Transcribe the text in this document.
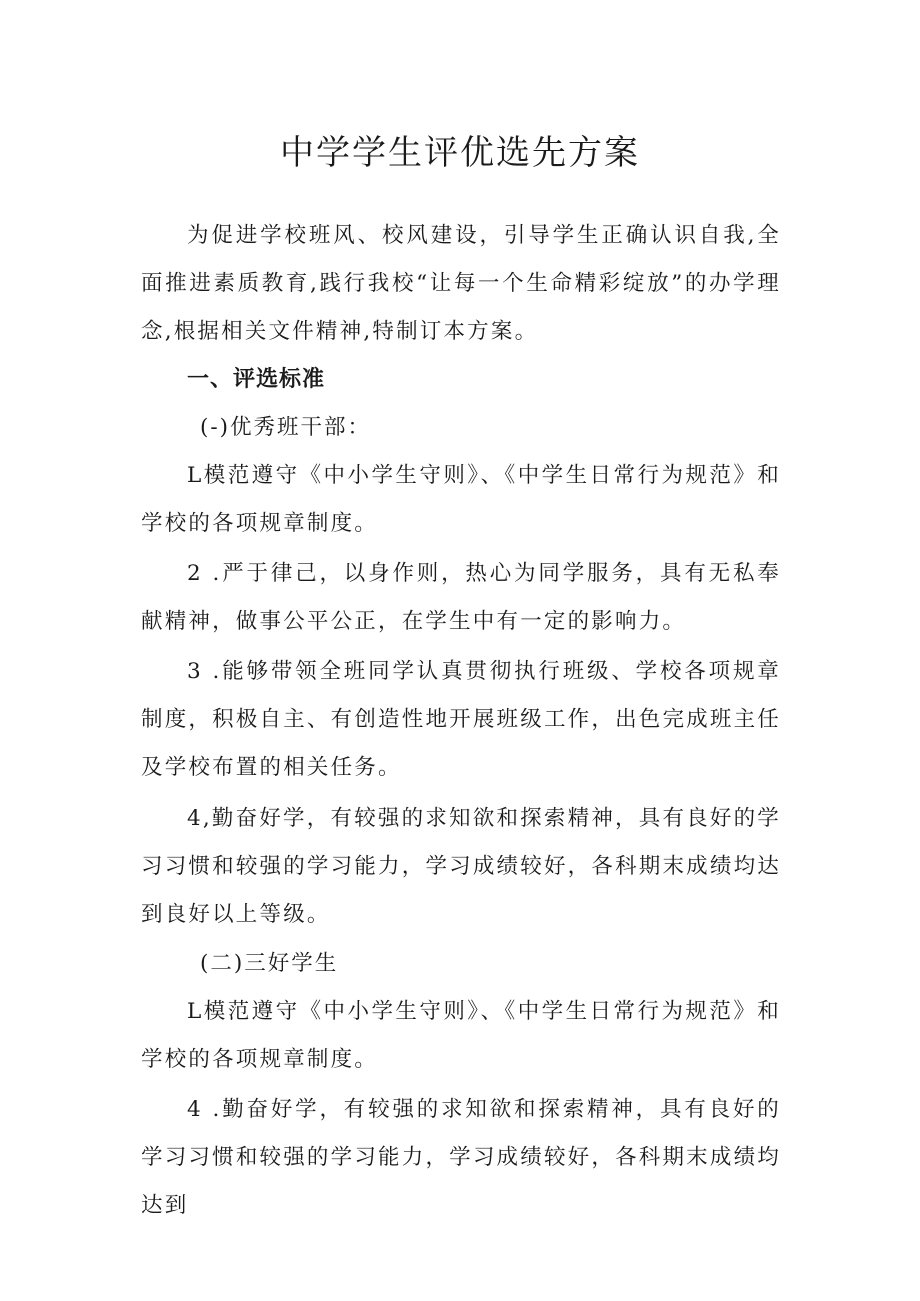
中学学生评优选先方案

为促进学校班风、校风建设，引导学生正确认识自我,全面推进素质教育,践行我校“让每一个生命精彩绽放”的办学理念,根据相关文件精神,特制订本方案。

一、评选标准

(-)优秀班干部：

L模范遵守《中小学生守则》、《中学生日常行为规范》和学校的各项规章制度。

2 .严于律己，以身作则，热心为同学服务，具有无私奉献精神，做事公平公正，在学生中有一定的影响力。

3 .能够带领全班同学认真贯彻执行班级、学校各项规章制度，积极自主、有创造性地开展班级工作，出色完成班主任及学校布置的相关任务。

4,勤奋好学，有较强的求知欲和探索精神，具有良好的学习习惯和较强的学习能力，学习成绩较好，各科期末成绩均达到良好以上等级。

(二)三好学生

L模范遵守《中小学生守则》、《中学生日常行为规范》和学校的各项规章制度。

4 .勤奋好学，有较强的求知欲和探索精神，具有良好的学习习惯和较强的学习能力，学习成绩较好，各科期末成绩均达到
